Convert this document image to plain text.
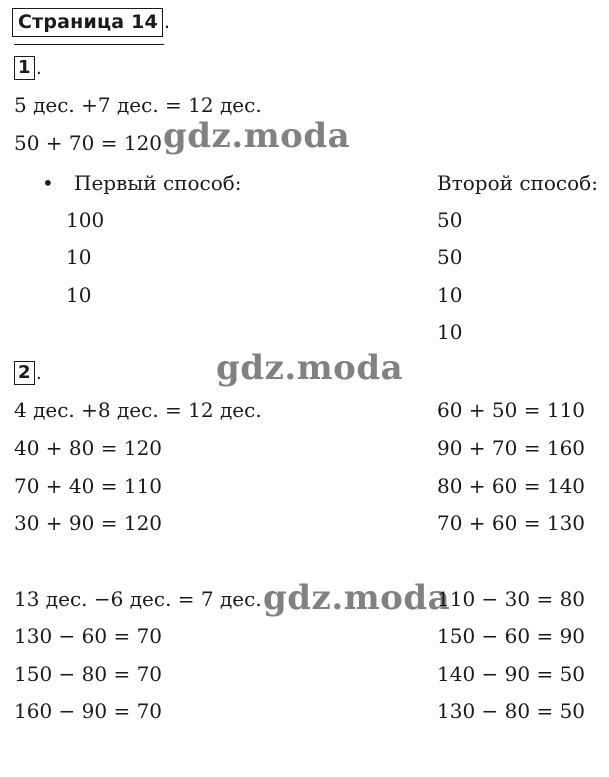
Страница 14 .
1 .
5 дес. +7 дес. = 12 дес.
50 + 70 = 120 gdz.moda
• Первый способ:	Второй способ:
100
10
10
50
50
10
10
2 .	gdz.moda
4 дес. +8 дес. = 12 дес.
40 + 80 = 120
70 + 40 = 110
30 + 90 = 120
60 + 50 = 110
90 + 70 = 160
80 + 60 = 140
70 + 60 = 130
13 дес. −6 дес. = 7 дес.
130 − 60 = 70
150 − 80 = 70
160 − 90 = 70
gdz.moda
110 − 30 = 80
150 − 60 = 90
140 − 90 = 50
130 − 80 = 50
